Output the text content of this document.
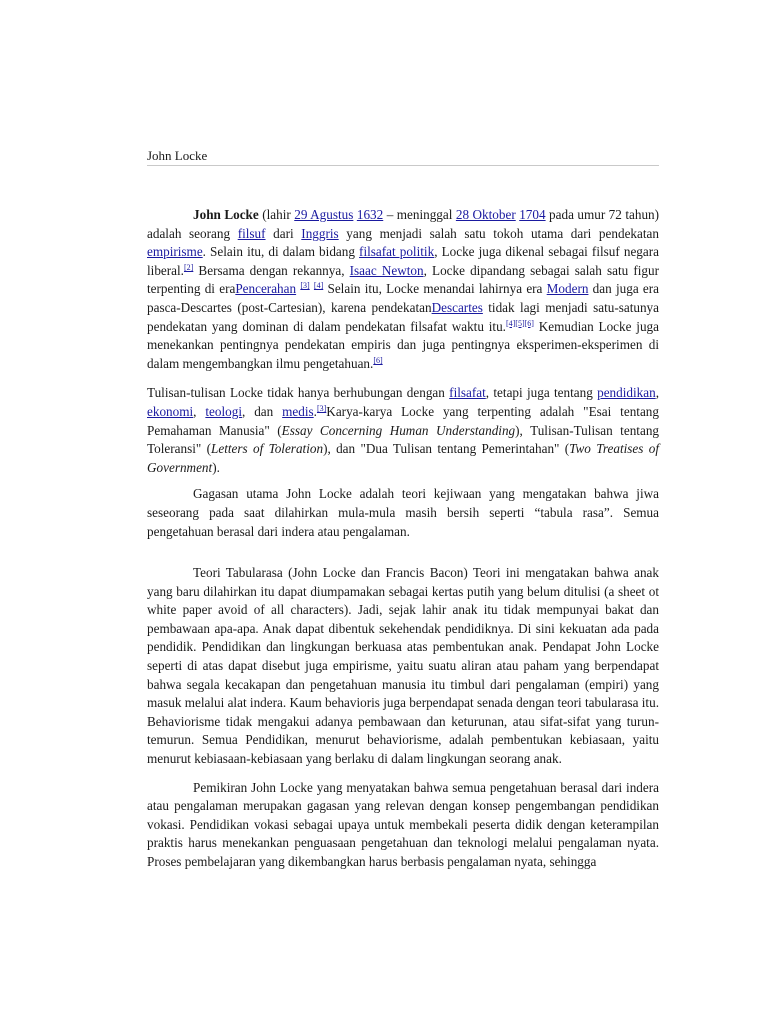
John Locke

John Locke (lahir 29 Agustus 1632 – meninggal 28 Oktober 1704 pada umur 72 tahun) adalah seorang filsuf dari Inggris yang menjadi salah satu tokoh utama dari pendekatan empirisme. Selain itu, di dalam bidang filsafat politik, Locke juga dikenal sebagai filsuf negara liberal.[2] Bersama dengan rekannya, Isaac Newton, Locke dipandang sebagai salah satu figur terpenting di eraPencerahan [3] [4] Selain itu, Locke menandai lahirnya era Modern dan juga era pasca-Descartes (post-Cartesian), karena pendekatanDescartes tidak lagi menjadi satu-satunya pendekatan yang dominan di dalam pendekatan filsafat waktu itu.[4][5][6] Kemudian Locke juga menekankan pentingnya pendekatan empiris dan juga pentingnya eksperimen-eksperimen di dalam mengembangkan ilmu pengetahuan.[6]

Tulisan-tulisan Locke tidak hanya berhubungan dengan filsafat, tetapi juga tentang pendidikan, ekonomi, teologi, dan medis.[3]Karya-karya Locke yang terpenting adalah "Esai tentang Pemahaman Manusia" (Essay Concerning Human Understanding), Tulisan-Tulisan tentang Toleransi" (Letters of Toleration), dan "Dua Tulisan tentang Pemerintahan" (Two Treatises of Government).

Gagasan utama John Locke adalah teori kejiwaan yang mengatakan bahwa jiwa seseorang pada saat dilahirkan mula-mula masih bersih seperti “tabula rasa”. Semua pengetahuan berasal dari indera atau pengalaman.

Teori Tabularasa (John Locke dan Francis Bacon) Teori ini mengatakan bahwa anak yang baru dilahirkan itu dapat diumpamakan sebagai kertas putih yang belum ditulisi (a sheet ot white paper avoid of all characters). Jadi, sejak lahir anak itu tidak mempunyai bakat dan pembawaan apa-apa. Anak dapat dibentuk sekehendak pendidiknya. Di sini kekuatan ada pada pendidik. Pendidikan dan lingkungan berkuasa atas pembentukan anak. Pendapat John Locke seperti di atas dapat disebut juga empirisme, yaitu suatu aliran atau paham yang berpendapat bahwa segala kecakapan dan pengetahuan manusia itu timbul dari pengalaman (empiri) yang masuk melalui alat indera. Kaum behavioris juga berpendapat senada dengan teori tabularasa itu. Behaviorisme tidak mengakui adanya pembawaan dan keturunan, atau sifat-sifat yang turun-temurun. Semua Pendidikan, menurut behaviorisme, adalah pembentukan kebiasaan, yaitu menurut kebiasaan-kebiasaan yang berlaku di dalam lingkungan seorang anak.

Pemikiran John Locke yang menyatakan bahwa semua pengetahuan berasal dari indera atau pengalaman merupakan gagasan yang relevan dengan konsep pengembangan pendidikan vokasi. Pendidikan vokasi sebagai upaya untuk membekali peserta didik dengan keterampilan praktis harus menekankan penguasaan pengetahuan dan teknologi melalui pengalaman nyata. Proses pembelajaran yang dikembangkan harus berbasis pengalaman nyata, sehingga
